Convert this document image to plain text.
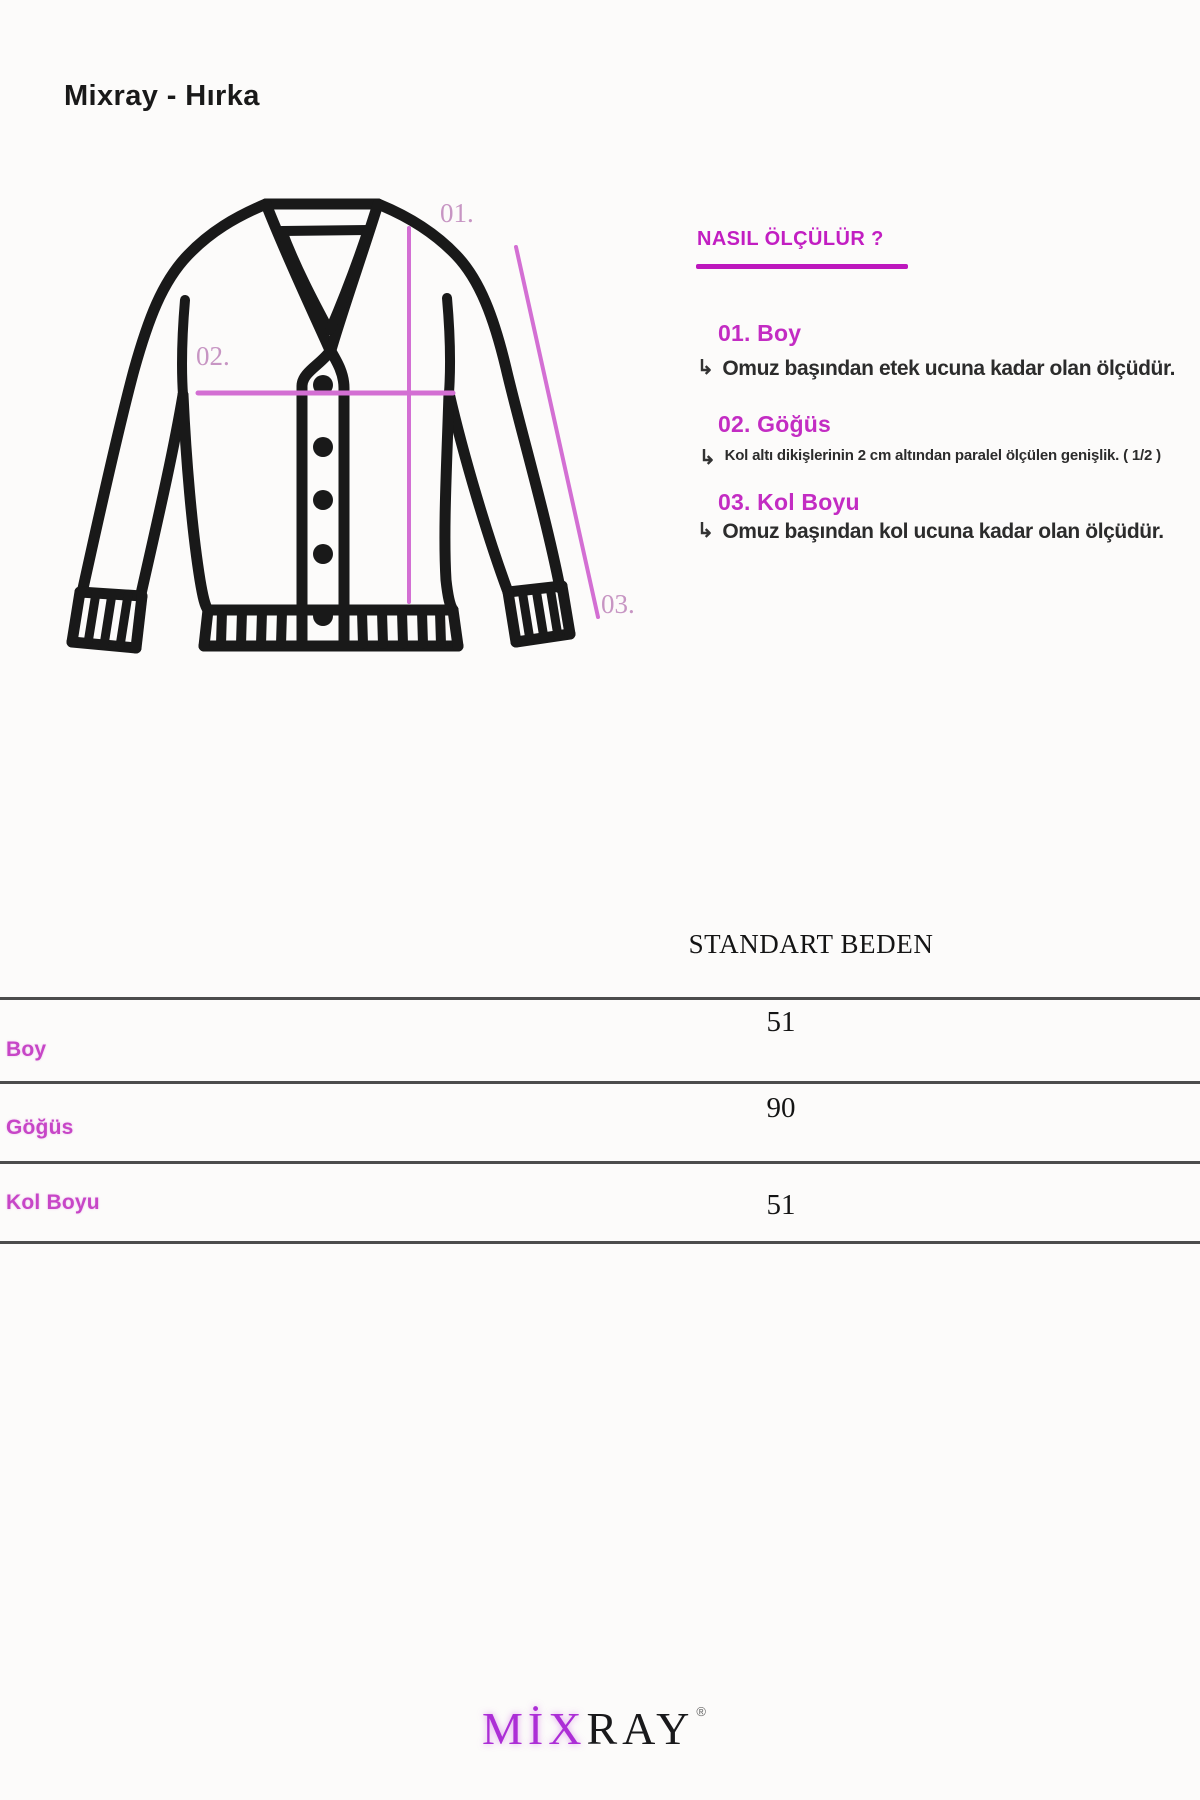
Mixray - Hırka
01.
02.
03.
NASIL ÖLÇÜLÜR ?
01. Boy
↳ Omuz başından etek ucuna kadar olan ölçüdür.
02. Göğüs
↳ Kol altı dikişlerinin 2 cm altından paralel ölçülen genişlik. ( 1/2 )
03. Kol Boyu
↳ Omuz başından kol ucuna kadar olan ölçüdür.
STANDART BEDEN
51
Boy
90
Göğüs
51
Kol Boyu
MİXRAY ®
